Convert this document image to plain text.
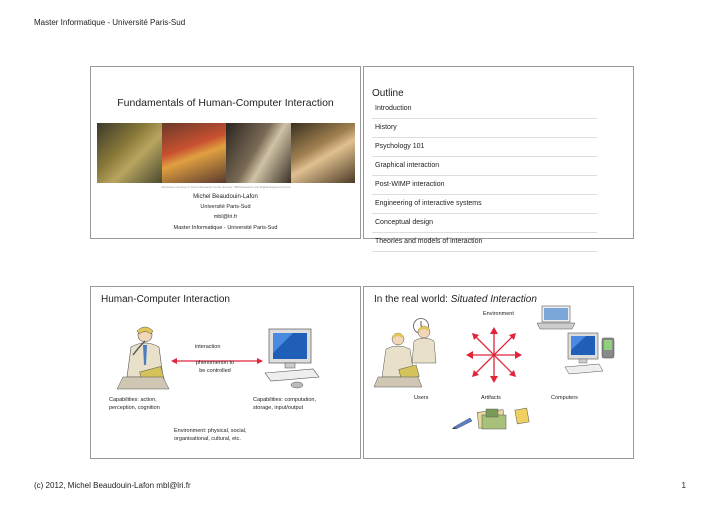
Master Informatique - Université Paris-Sud
Fundamentals of Human-Computer Interaction
All photos courtesy of Xerox Research Centre Europe, IBM Research and Digital Equipment Corp
Michel Beaudouin-Lafon
Université Paris-Sud
mbl@lri.fr
Master Informatique - Université Paris-Sud
Outline
Introduction
History
Psychology 101
Graphical interaction
Post-WIMP interaction
Engineering of interactive systems
Conceptual design
Theories and models of interaction
Human-Computer Interaction
interaction
phenomenon to be controlled
Capabilities: action, perception, cognition
Capabilities: computation, storage, input/output
Environment: physical, social, organisational, cultural, etc.
In the real world: Situated Interaction
Environment
Users	Artifacts	Computers
(c) 2012, Michel Beaudouin-Lafon mbl@lri.fr	1
